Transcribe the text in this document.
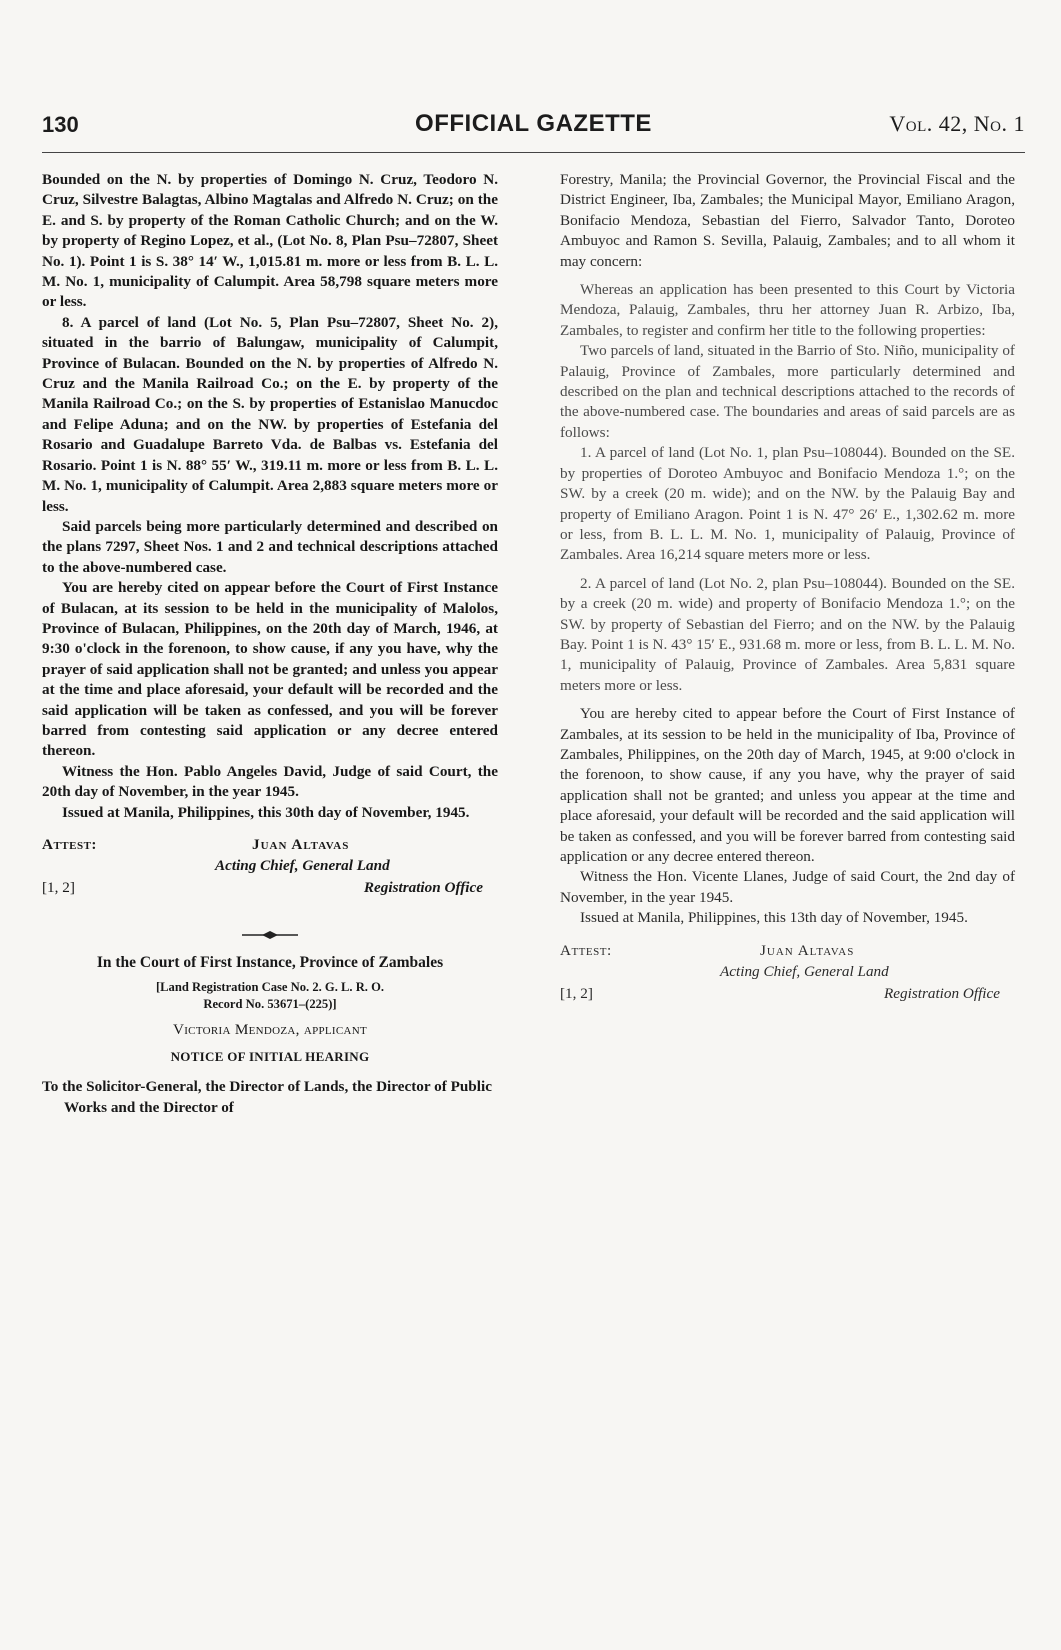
130	OFFICIAL GAZETTE	Vol. 42, No. 1

Bounded on the N. by properties of Domingo N. Cruz, Teodoro N. Cruz, Silvestre Balagtas, Albino Magtalas and Alfredo N. Cruz; on the E. and S. by property of the Roman Catholic Church; and on the W. by property of Regino Lopez, et al., (Lot No. 8, Plan Psu–72807, Sheet No. 1). Point 1 is S. 38° 14′ W., 1,015.81 m. more or less from B. L. L. M. No. 1, municipality of Calumpit. Area 58,798 square meters more or less.

8. A parcel of land (Lot No. 5, Plan Psu–72807, Sheet No. 2), situated in the barrio of Balungaw, municipality of Calumpit, Province of Bulacan. Bounded on the N. by properties of Alfredo N. Cruz and the Manila Railroad Co.; on the E. by property of the Manila Railroad Co.; on the S. by properties of Estanislao Manucdoc and Felipe Aduna; and on the NW. by properties of Estefania del Rosario and Guadalupe Barreto Vda. de Balbas vs. Estefania del Rosario. Point 1 is N. 88° 55′ W., 319.11 m. more or less from B. L. L. M. No. 1, municipality of Calumpit. Area 2,883 square meters more or less.

Said parcels being more particularly determined and described on the plans 7297, Sheet Nos. 1 and 2 and technical descriptions attached to the above-numbered case.

You are hereby cited on appear before the Court of First Instance of Bulacan, at its session to be held in the municipality of Malolos, Province of Bulacan, Philippines, on the 20th day of March, 1946, at 9:30 o'clock in the forenoon, to show cause, if any you have, why the prayer of said application shall not be granted; and unless you appear at the time and place aforesaid, your default will be recorded and the said application will be taken as confessed, and you will be forever barred from contesting said application or any decree entered thereon.

Witness the Hon. Pablo Angeles David, Judge of said Court, the 20th day of November, in the year 1945.

Issued at Manila, Philippines, this 30th day of November, 1945.

Attest:	Juan Altavas
Acting Chief, General Land
[1, 2]	Registration Office
In the Court of First Instance, Province of Zambales
[Land Registration Case No. 2. G. L. R. O.
Record No. 53671–(225)]
Victoria Mendoza, applicant
NOTICE OF INITIAL HEARING

To the Solicitor-General, the Director of Lands, the Director of Public Works and the Director of

Forestry, Manila; the Provincial Governor, the Provincial Fiscal and the District Engineer, Iba, Zambales; the Municipal Mayor, Emiliano Aragon, Bonifacio Mendoza, Sebastian del Fierro, Salvador Tanto, Doroteo Ambuyoc and Ramon S. Sevilla, Palauig, Zambales; and to all whom it may concern:

Whereas an application has been presented to this Court by Victoria Mendoza, Palauig, Zambales, thru her attorney Juan R. Arbizo, Iba, Zambales, to register and confirm her title to the following properties:

Two parcels of land, situated in the Barrio of Sto. Niño, municipality of Palauig, Province of Zambales, more particularly determined and described on the plan and technical descriptions attached to the records of the above-numbered case. The boundaries and areas of said parcels are as follows:

1. A parcel of land (Lot No. 1, plan Psu–108044). Bounded on the SE. by properties of Doroteo Ambuyoc and Bonifacio Mendoza 1.°; on the SW. by a creek (20 m. wide); and on the NW. by the Palauig Bay and property of Emiliano Aragon. Point 1 is N. 47° 26′ E., 1,302.62 m. more or less, from B. L. L. M. No. 1, municipality of Palauig, Province of Zambales. Area 16,214 square meters more or less.

2. A parcel of land (Lot No. 2, plan Psu–108044). Bounded on the SE. by a creek (20 m. wide) and property of Bonifacio Mendoza 1.°; on the SW. by property of Sebastian del Fierro; and on the NW. by the Palauig Bay. Point 1 is N. 43° 15′ E., 931.68 m. more or less, from B. L. L. M. No. 1, municipality of Palauig, Province of Zambales. Area 5,831 square meters more or less.

You are hereby cited to appear before the Court of First Instance of Zambales, at its session to be held in the municipality of Iba, Province of Zambales, Philippines, on the 20th day of March, 1945, at 9:00 o'clock in the forenoon, to show cause, if any you have, why the prayer of said application shall not be granted; and unless you appear at the time and place aforesaid, your default will be recorded and the said application will be taken as confessed, and you will be forever barred from contesting said application or any decree entered thereon.

Witness the Hon. Vicente Llanes, Judge of said Court, the 2nd day of November, in the year 1945.

Issued at Manila, Philippines, this 13th day of November, 1945.

Attest:	Juan Altavas
Acting Chief, General Land
[1, 2]	Registration Office
